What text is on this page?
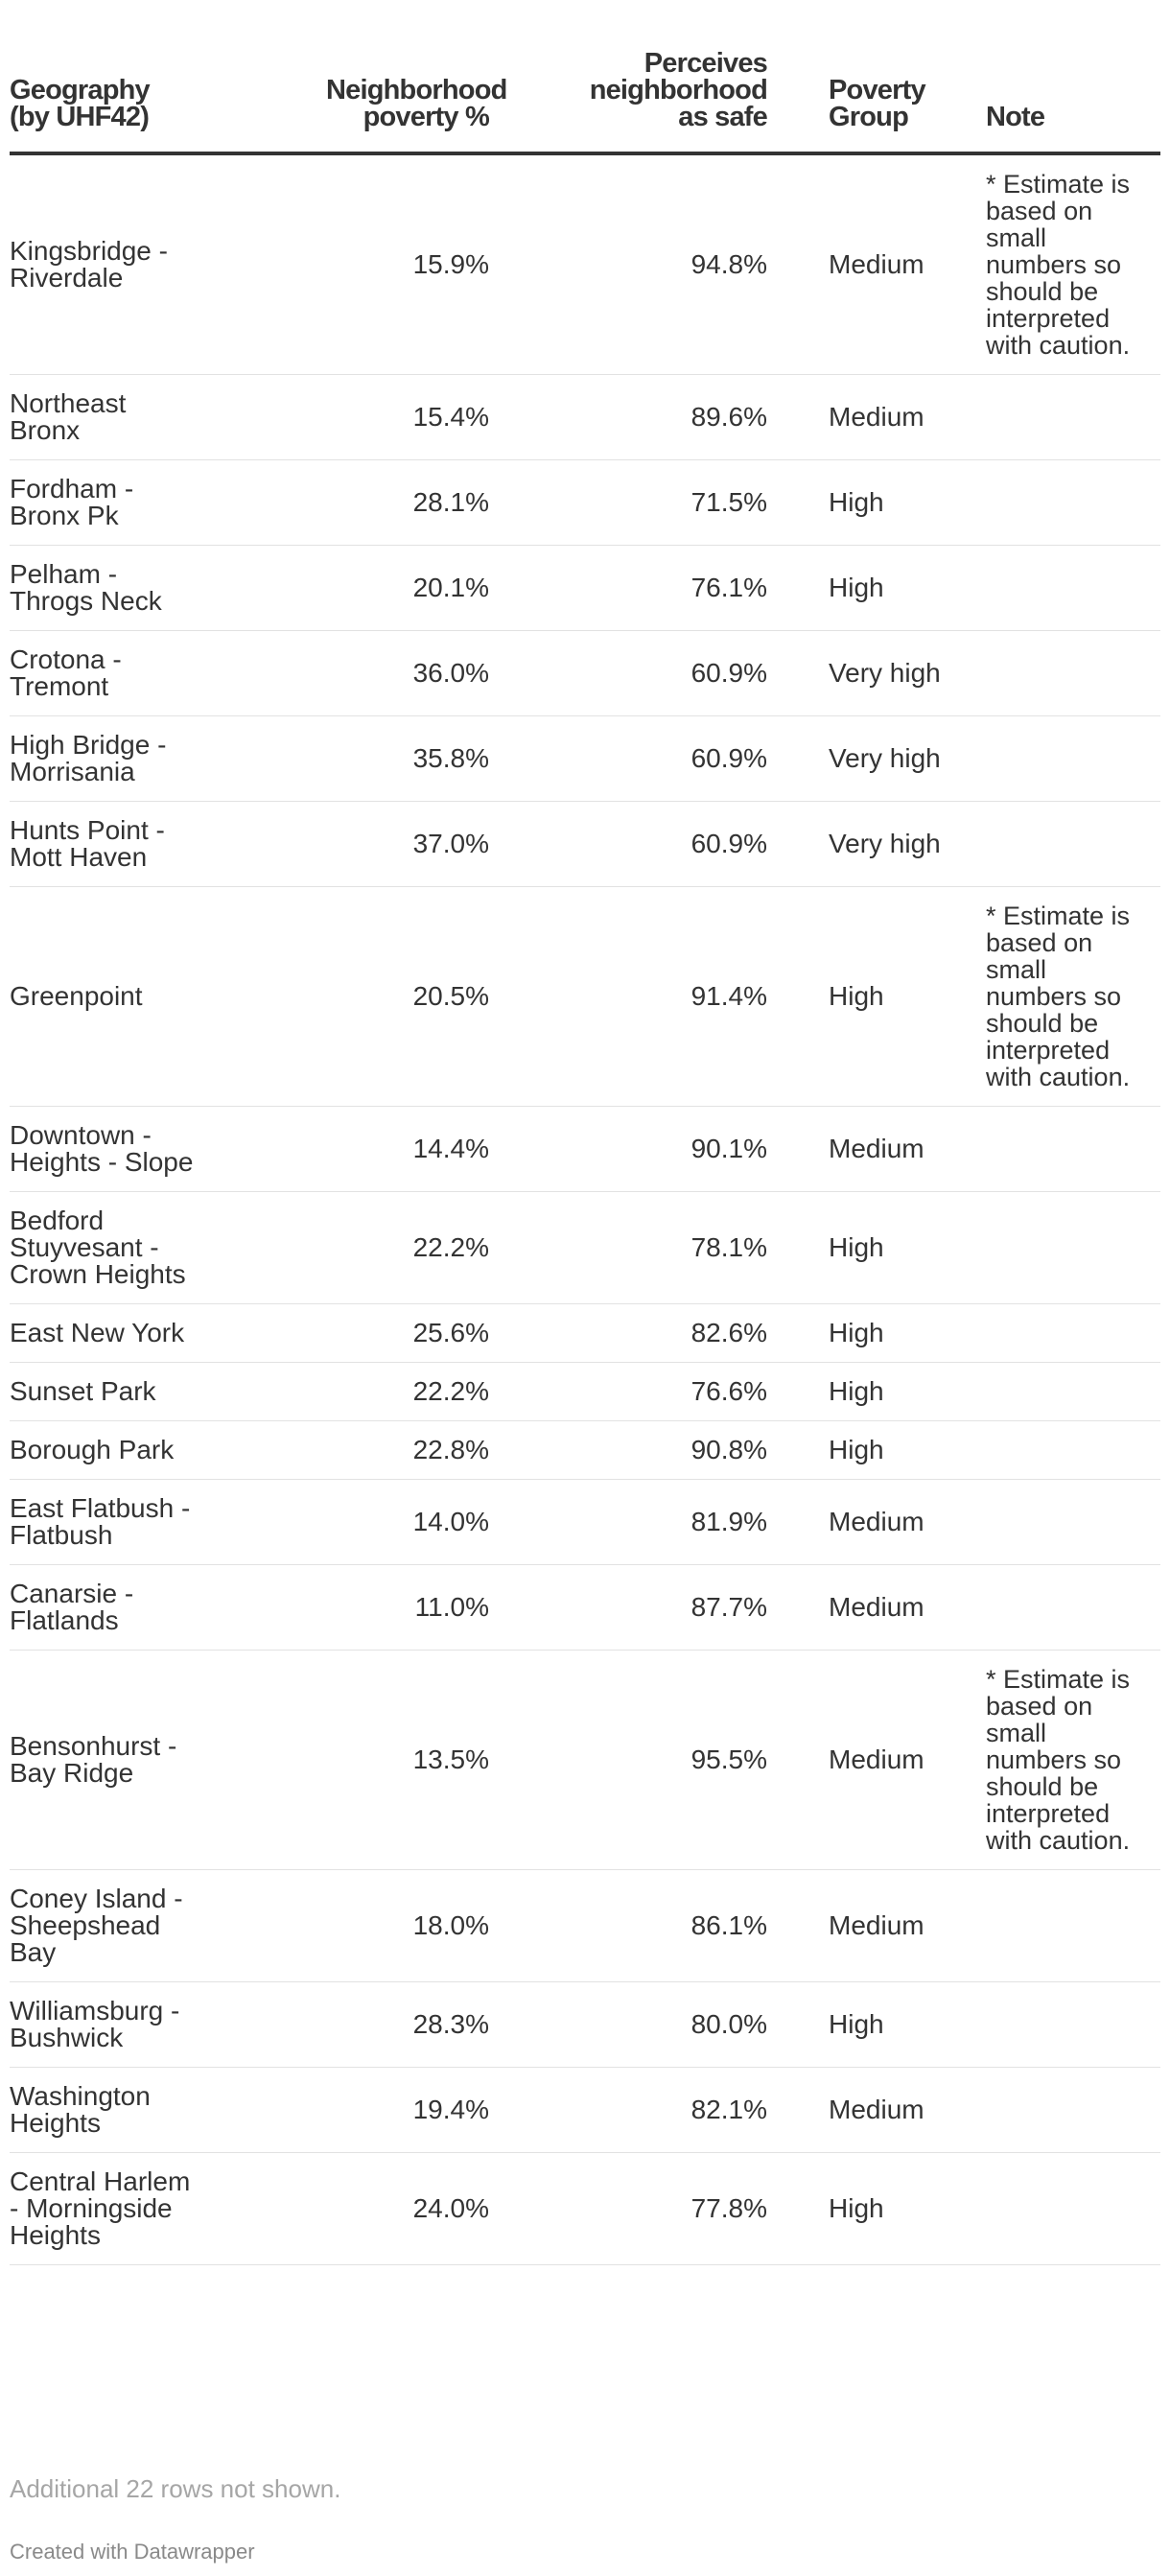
Geography (by UHF42)	Neighborhood poverty %	Perceives neighborhood as safe	Poverty Group	Note

Kingsbridge - Riverdale	15.9%	94.8%	Medium	* Estimate is based on small numbers so should be interpreted with caution.

Northeast Bronx	15.4%	89.6%	Medium	

Fordham - Bronx Pk	28.1%	71.5%	High	

Pelham - Throgs Neck	20.1%	76.1%	High	

Crotona - Tremont	36.0%	60.9%	Very high	

High Bridge - Morrisania	35.8%	60.9%	Very high	

Hunts Point - Mott Haven	37.0%	60.9%	Very high	

Greenpoint	20.5%	91.4%	High	* Estimate is based on small numbers so should be interpreted with caution.

Downtown - Heights - Slope	14.4%	90.1%	Medium	

Bedford Stuyvesant - Crown Heights	22.2%	78.1%	High	

East New York	25.6%	82.6%	High	

Sunset Park	22.2%	76.6%	High	

Borough Park	22.8%	90.8%	High	

East Flatbush - Flatbush	14.0%	81.9%	Medium	

Canarsie - Flatlands	11.0%	87.7%	Medium	

Bensonhurst - Bay Ridge	13.5%	95.5%	Medium	* Estimate is based on small numbers so should be interpreted with caution.

Coney Island - Sheepshead Bay	18.0%	86.1%	Medium	

Williamsburg - Bushwick	28.3%	80.0%	High	

Washington Heights	19.4%	82.1%	Medium	

Central Harlem - Morningside Heights	24.0%	77.8%	High	

Additional 22 rows not shown.
Created with Datawrapper
